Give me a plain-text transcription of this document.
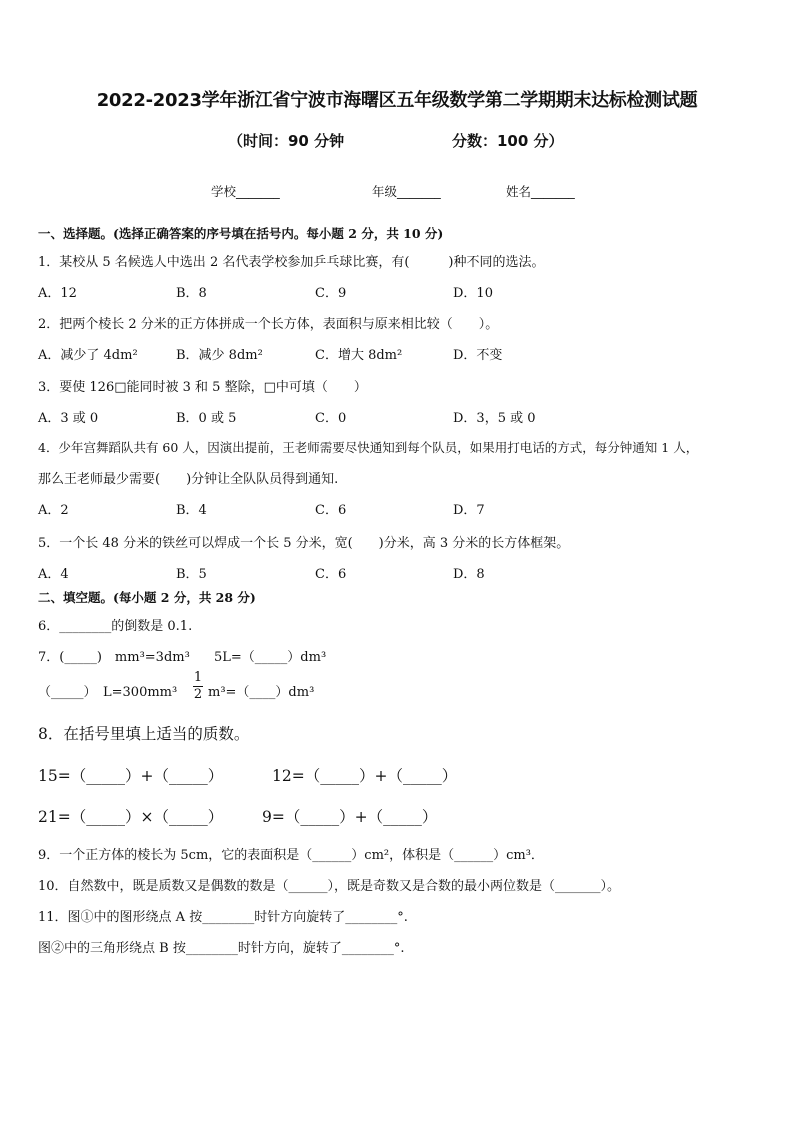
2022-2023学年浙江省宁波市海曙区五年级数学第二学期期末达标检测试题
（时间：90 分钟	分数：100 分）
学校_______	年级_______	姓名_______
一、选择题。(选择正确答案的序号填在括号内。每小题 2 分，共 10 分)
1．某校从 5 名候选人中选出 2 名代表学校参加乒乓球比赛，有(　　　)种不同的选法。
A．12	B．8	C．9	D．10
2．把两个棱长 2 分米的正方体拼成一个长方体，表面积与原来相比较（　　）。
A．减少了 4dm²	B．减少 8dm²	C．增大 8dm²	D．不变
3．要使 126□能同时被 3 和 5 整除，□中可填（　　）
A．3 或 0	B．0 或 5	C．0	D．3，5 或 0
4．少年宫舞蹈队共有 60 人，因演出提前，王老师需要尽快通知到每个队员，如果用打电话的方式，每分钟通知 1 人，
那么王老师最少需要(　　)分钟让全队队员得到通知.
A．2	B．4	C．6	D．7
5．一个长 48 分米的铁丝可以焊成一个长 5 分米，宽(　　)分米，高 3 分米的长方体框架。
A．4	B．5	C．6	D．8
二、填空题。(每小题 2 分，共 28 分)
6．________的倒数是 0.1.
7．(_____)　mm³=3dm³ 5L=（_____）dm³
（_____）　L=300mm³
1
2 m³=（____）dm³
8．在括号里填上适当的质数。
15=（_____）+（_____）	12=（_____）+（_____）
21=（_____）×（_____）	9=（_____）+（_____）
9．一个正方体的棱长为 5cm，它的表面积是（______）cm²，体积是（______）cm³．
10．自然数中，既是质数又是偶数的数是（______），既是奇数又是合数的最小两位数是（_______）。
11．图①中的图形绕点 A 按________时针方向旋转了________°.
图②中的三角形绕点 B 按________时针方向，旋转了________°.
